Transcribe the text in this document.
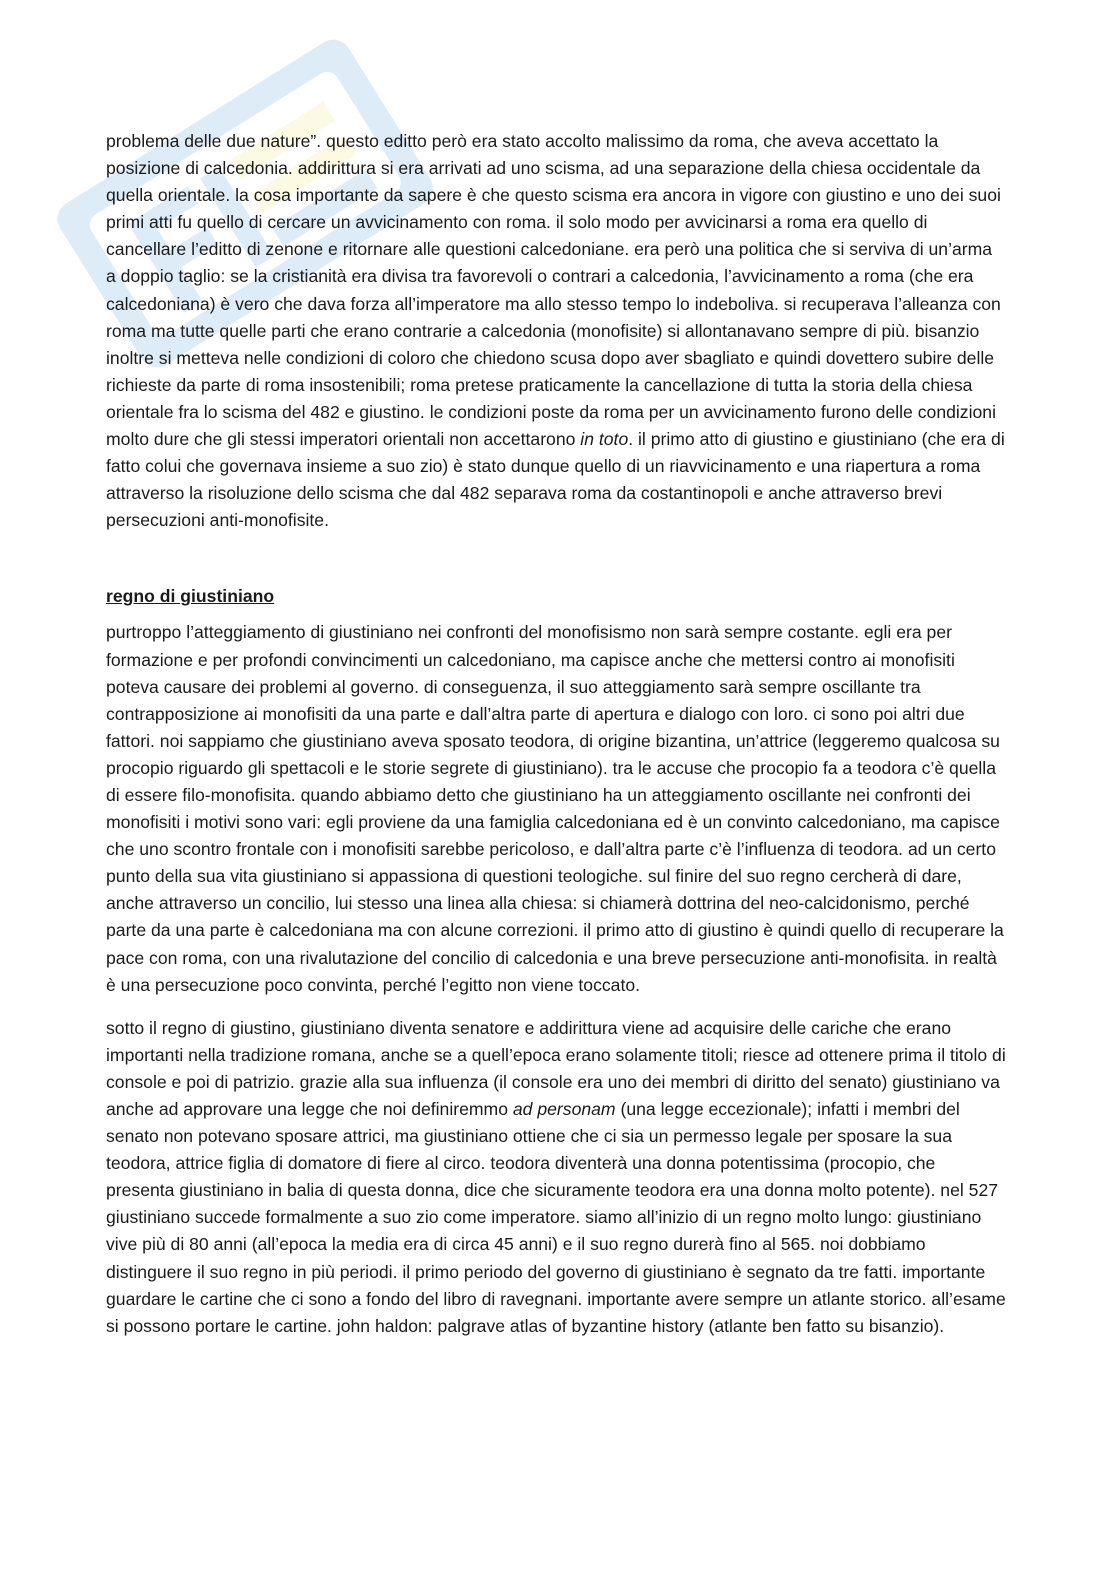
problema delle due nature”. questo editto però era stato accolto malissimo da roma, che aveva accettato la posizione di calcedonia. addirittura si era arrivati ad uno scisma, ad una separazione della chiesa occidentale da quella orientale. la cosa importante da sapere è che questo scisma era ancora in vigore con giustino e uno dei suoi primi atti fu quello di cercare un avvicinamento con roma. il solo modo per avvicinarsi a roma era quello di cancellare l’editto di zenone e ritornare alle questioni calcedoniane. era però una politica che si serviva di un’arma a doppio taglio: se la cristianità era divisa tra favorevoli o contrari a calcedonia, l’avvicinamento a roma (che era calcedoniana) è vero che dava forza all’imperatore ma allo stesso tempo lo indeboliva. si recuperava l’alleanza con roma ma tutte quelle parti che erano contrarie a calcedonia (monofisite) si allontanavano sempre di più. bisanzio inoltre si metteva nelle condizioni di coloro che chiedono scusa dopo aver sbagliato e quindi dovettero subire delle richieste da parte di roma insostenibili; roma pretese praticamente la cancellazione di tutta la storia della chiesa orientale fra lo scisma del 482 e giustino. le condizioni poste da roma per un avvicinamento furono delle condizioni molto dure che gli stessi imperatori orientali non accettarono in toto. il primo atto di giustino e giustiniano (che era di fatto colui che governava insieme a suo zio) è stato dunque quello di un riavvicinamento e una riapertura a roma attraverso la risoluzione dello scisma che dal 482 separava roma da costantinopoli e anche attraverso brevi persecuzioni anti-monofisite.

regno di giustiniano

purtroppo l’atteggiamento di giustiniano nei confronti del monofisismo non sarà sempre costante. egli era per formazione e per profondi convincimenti un calcedoniano, ma capisce anche che mettersi contro ai monofisiti poteva causare dei problemi al governo. di conseguenza, il suo atteggiamento sarà sempre oscillante tra contrapposizione ai monofisiti da una parte e dall’altra parte di apertura e dialogo con loro. ci sono poi altri due fattori. noi sappiamo che giustiniano aveva sposato teodora, di origine bizantina, un’attrice (leggeremo qualcosa su procopio riguardo gli spettacoli e le storie segrete di giustiniano). tra le accuse che procopio fa a teodora c’è quella di essere filo-monofisita. quando abbiamo detto che giustiniano ha un atteggiamento oscillante nei confronti dei monofisiti i motivi sono vari: egli proviene da una famiglia calcedoniana ed è un convinto calcedoniano, ma capisce che uno scontro frontale con i monofisiti sarebbe pericoloso, e dall’altra parte c’è l’influenza di teodora. ad un certo punto della sua vita giustiniano si appassiona di questioni teologiche. sul finire del suo regno cercherà di dare, anche attraverso un concilio, lui stesso una linea alla chiesa: si chiamerà dottrina del neo-calcidonismo, perché parte da una parte è calcedoniana ma con alcune correzioni. il primo atto di giustino è quindi quello di recuperare la pace con roma, con una rivalutazione del concilio di calcedonia e una breve persecuzione anti-monofisita. in realtà è una persecuzione poco convinta, perché l’egitto non viene toccato.

sotto il regno di giustino, giustiniano diventa senatore e addirittura viene ad acquisire delle cariche che erano importanti nella tradizione romana, anche se a quell’epoca erano solamente titoli; riesce ad ottenere prima il titolo di console e poi di patrizio. grazie alla sua influenza (il console era uno dei membri di diritto del senato) giustiniano va anche ad approvare una legge che noi definiremmo ad personam (una legge eccezionale); infatti i membri del senato non potevano sposare attrici, ma giustiniano ottiene che ci sia un permesso legale per sposare la sua teodora, attrice figlia di domatore di fiere al circo. teodora diventerà una donna potentissima (procopio, che presenta giustiniano in balia di questa donna, dice che sicuramente teodora era una donna molto potente). nel 527 giustiniano succede formalmente a suo zio come imperatore. siamo all’inizio di un regno molto lungo: giustiniano vive più di 80 anni (all’epoca la media era di circa 45 anni) e il suo regno durerà fino al 565. noi dobbiamo distinguere il suo regno in più periodi. il primo periodo del governo di giustiniano è segnato da tre fatti. importante guardare le cartine che ci sono a fondo del libro di ravegnani. importante avere sempre un atlante storico. all’esame si possono portare le cartine. john haldon: palgrave atlas of byzantine history (atlante ben fatto su bisanzio).
